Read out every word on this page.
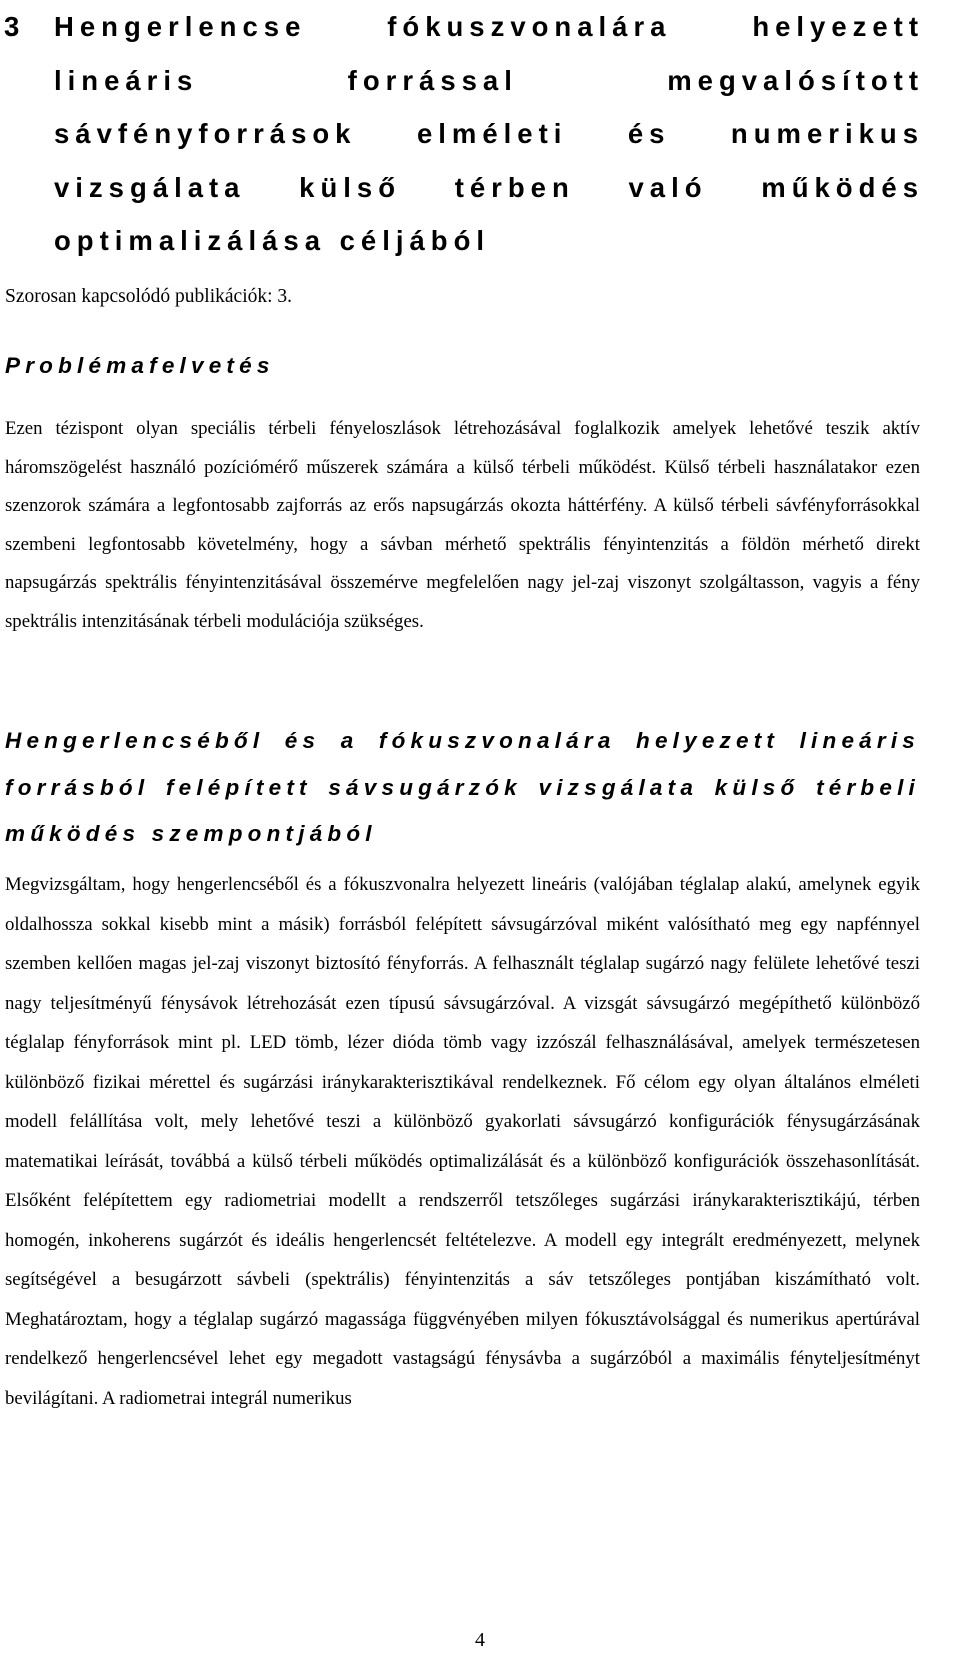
3 Hengerlencse fókuszvonalára helyezett lineáris forrással megvalósított sávfényforrások elméleti és numerikus vizsgálata külső térben való működés optimalizálása céljából
Szorosan kapcsolódó publikációk: 3.
Problémafelvetés
Ezen tézispont olyan speciális térbeli fényeloszlások létrehozásával foglalkozik amelyek lehetővé teszik aktív háromszögelést használó pozíciómérő műszerek számára a külső térbeli működést. Külső térbeli használatakor ezen szenzorok számára a legfontosabb zajforrás az erős napsugárzás okozta háttérfény. A külső térbeli sávfényforrásokkal szembeni legfontosabb követelmény, hogy a sávban mérhető spektrális fényintenzitás a földön mérhető direkt napsugárzás spektrális fényintenzitásával összemérve megfelelően nagy jel-zaj viszonyt szolgáltasson, vagyis a fény spektrális intenzitásának térbeli modulációja szükséges.
Hengerlencséből és a fókuszvonalára helyezett lineáris forrásból felépített sávsugárzók vizsgálata külső térbeli működés szempontjából
Megvizsgáltam, hogy hengerlencséből és a fókuszvonalra helyezett lineáris (valójában téglalap alakú, amelynek egyik oldalhossza sokkal kisebb mint a másik) forrásból felépített sávsugárzóval miként valósítható meg egy napfénnyel szemben kellően magas jel-zaj viszonyt biztosító fényforrás. A felhasznált téglalap sugárzó nagy felülete lehetővé teszi nagy teljesítményű fénysávok létrehozását ezen típusú sávsugárzóval. A vizsgát sávsugárzó megépíthető különböző téglalap fényforrások mint pl. LED tömb, lézer dióda tömb vagy izzószál felhasználásával, amelyek természetesen különböző fizikai mérettel és sugárzási iránykarakterisztikával rendelkeznek. Fő célom egy olyan általános elméleti modell felállítása volt, mely lehetővé teszi a különböző gyakorlati sávsugárzó konfigurációk fénysugárzásának matematikai leírását, továbbá a külső térbeli működés optimalizálását és a különböző konfigurációk összehasonlítását. Elsőként felépítettem egy radiometriai modellt a rendszerről tetszőleges sugárzási iránykarakterisztikájú, térben homogén, inkoherens sugárzót és ideális hengerlencsét feltételezve. A modell egy integrált eredményezett, melynek segítségével a besugárzott sávbeli (spektrális) fényintenzitás a sáv tetszőleges pontjában kiszámítható volt. Meghatároztam, hogy a téglalap sugárzó magassága függvényében milyen fókusztávolsággal és numerikus apertúrával rendelkező hengerlencsével lehet egy megadott vastagságú fénysávba a sugárzóból a maximális fényteljesítményt bevilágítani. A radiometrai integrál numerikus
4
